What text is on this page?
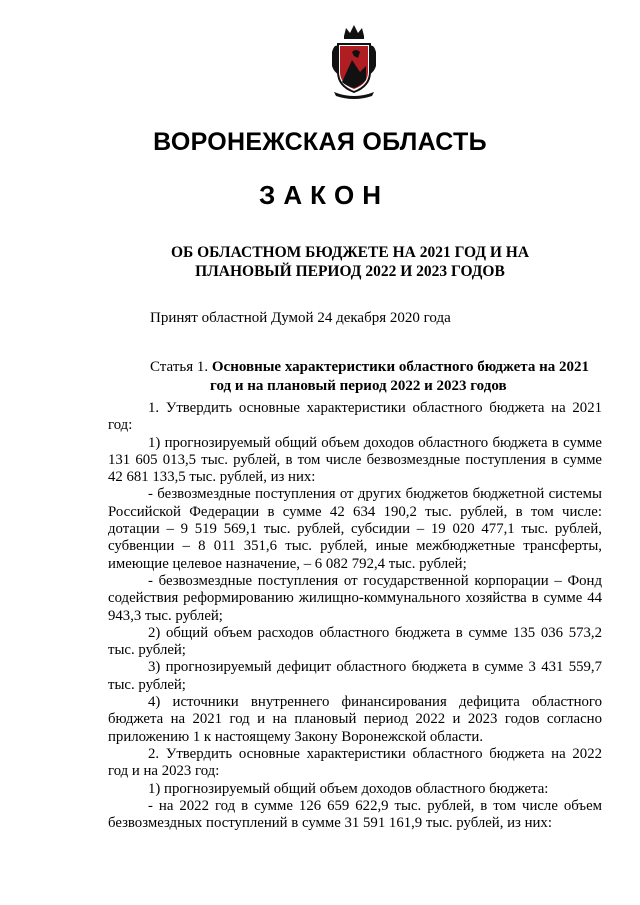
ВОРОНЕЖСКАЯ ОБЛАСТЬ
ЗАКОН
ОБ ОБЛАСТНОМ БЮДЖЕТЕ НА 2021 ГОД И НА ПЛАНОВЫЙ ПЕРИОД 2022 И 2023 ГОДОВ
Принят областной Думой 24 декабря 2020 года
Статья 1. Основные характеристики областного бюджета на 2021
год и на плановый период 2022 и 2023 годов

1. Утвердить основные характеристики областного бюджета на 2021 год:

1) прогнозируемый общий объем доходов областного бюджета в сумме 131 605 013,5 тыс. рублей, в том числе безвозмездные поступления в сумме 42 681 133,5 тыс. рублей, из них:

- безвозмездные поступления от других бюджетов бюджетной системы Российской Федерации в сумме 42 634 190,2 тыс. рублей, в том числе: дотации – 9 519 569,1 тыс. рублей, субсидии – 19 020 477,1 тыс. рублей, субвенции – 8 011 351,6 тыс. рублей, иные межбюджетные трансферты, имеющие целевое назначение, – 6 082 792,4 тыс. рублей;

- безвозмездные поступления от государственной корпорации – Фонд содействия реформированию жилищно-коммунального хозяйства в сумме 44 943,3 тыс. рублей;

2) общий объем расходов областного бюджета в сумме 135 036 573,2 тыс. рублей;

3) прогнозируемый дефицит областного бюджета в сумме 3 431 559,7 тыс. рублей;

4) источники внутреннего финансирования дефицита областного бюджета на 2021 год и на плановый период 2022 и 2023 годов согласно приложению 1 к настоящему Закону Воронежской области.

2. Утвердить основные характеристики областного бюджета на 2022 год и на 2023 год:

1) прогнозируемый общий объем доходов областного бюджета:

- на 2022 год в сумме 126 659 622,9 тыс. рублей, в том числе объем безвозмездных поступлений в сумме 31 591 161,9 тыс. рублей, из них:
